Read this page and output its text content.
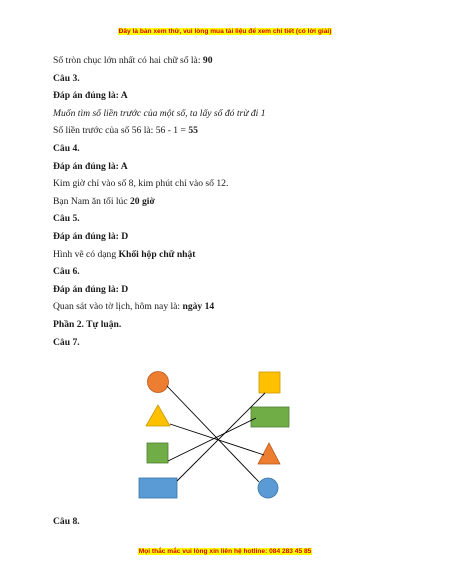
Đây là bản xem thử, vui lòng mua tài liệu để xem chi tiết (có lời giải)
Số tròn chục lớn nhất có hai chữ số là: 90
Câu 3.
Đáp án đúng là: A
Muốn tìm số liền trước của một số, ta lấy số đó trừ đi 1
Số liền trước của số 56 là: 56 - 1 = 55
Câu 4.
Đáp án đúng là: A
Kim giờ chỉ vào số 8, kim phút chỉ vào số 12.
Bạn Nam ăn tối lúc 20 giờ
Câu 5.
Đáp án đúng là: D
Hình vẽ có dạng Khối hộp chữ nhật
Câu 6.
Đáp án đúng là: D
Quan sát vào tờ lịch, hôm nay là: ngày 14
Phần 2. Tự luận.
Câu 7.
Câu 8.
Mọi thắc mắc vui lòng xin liên hệ hotline: 084 283 45 85
